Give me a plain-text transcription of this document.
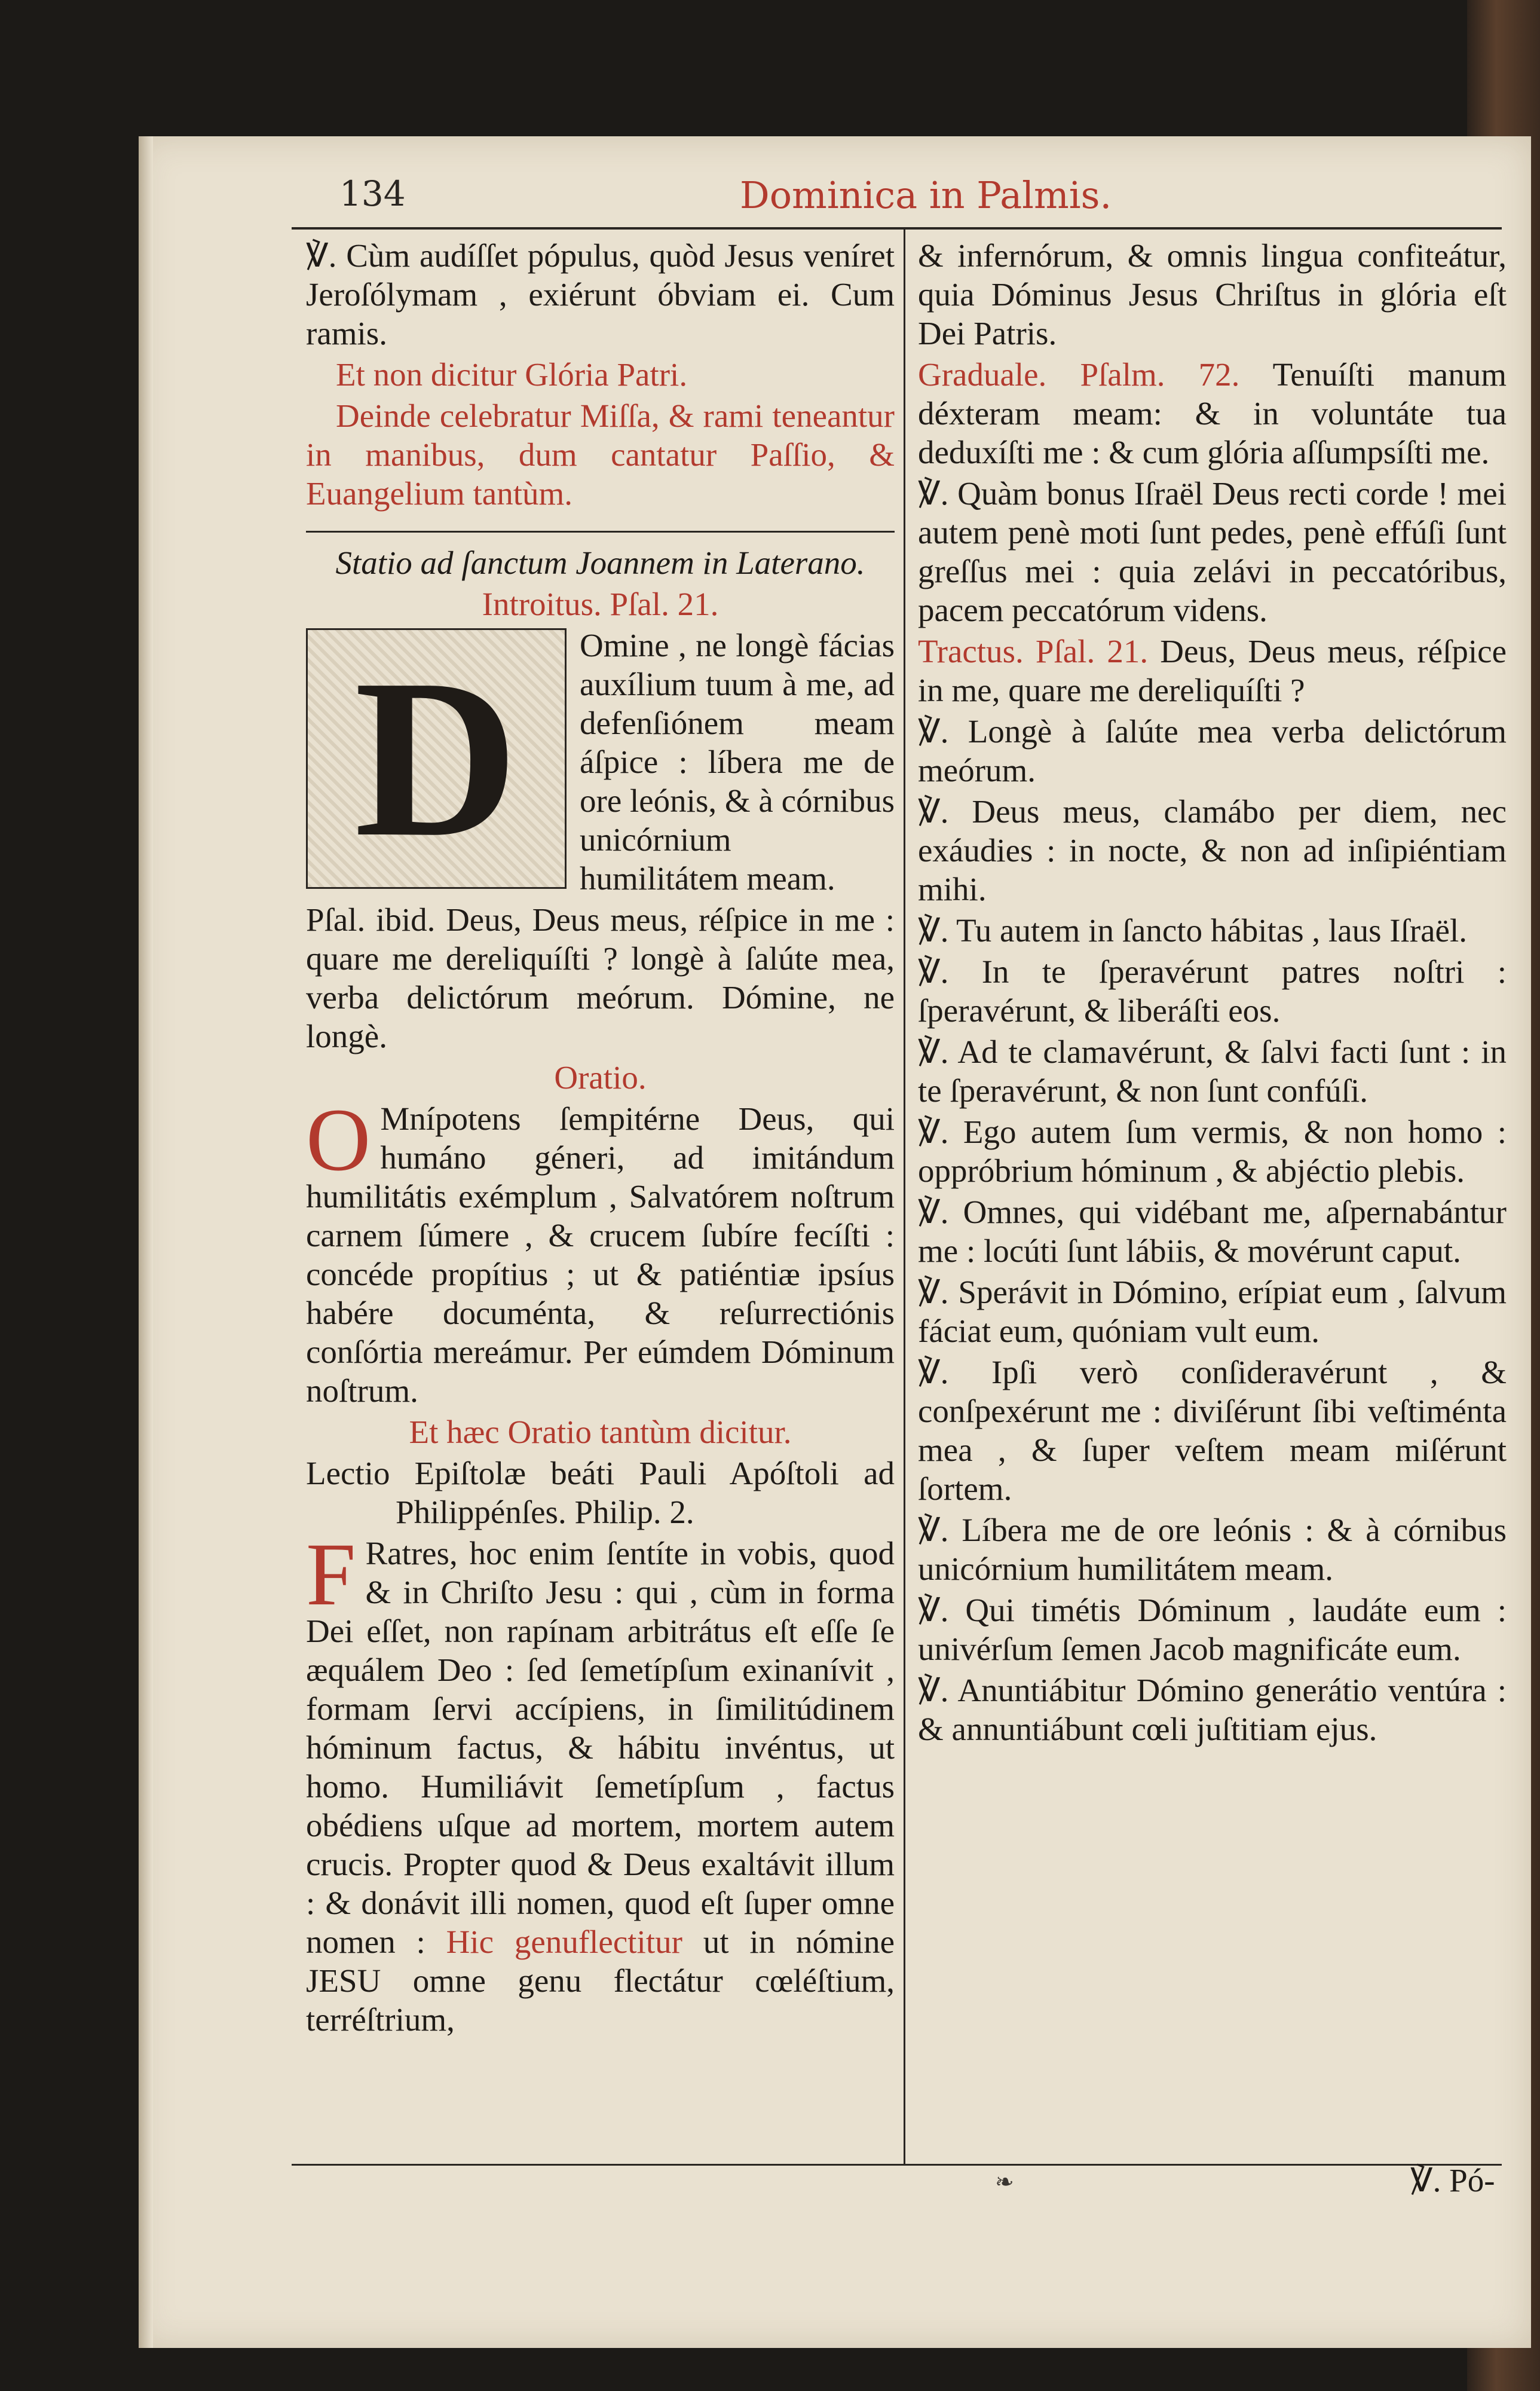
134	Dominica in Palmis.

℣. Cùm audíſſet pópulus, quòd Jesus veníret Jeroſólymam , exiérunt óbviam ei. Cum ramis.

Et non dicitur Glória Patri.

Deinde celebratur Miſſa, & rami teneantur in manibus, dum cantatur Paſſio, & Euangelium tantùm.

Statio ad ſanctum Joannem in Laterano.

Introitus. Pſal. 21.

D	Omine , ne longè fácias auxílium tuum à me, ad defenſiónem meam áſpice : líbera me de ore leónis, & à córnibus unicórnium humilitátem meam.

Pſal. ibid. Deus, Deus meus, réſpice in me : quare me dereliquíſti ? longè à ſalúte mea, verba delictórum meórum. Dómine, ne longè.

Oratio.

O Mnípotens ſempitérne Deus, qui humáno géneri, ad imitándum humilitátis exémplum , Salvatórem noſtrum carnem ſúmere , & crucem ſubíre fecíſti : concéde propítius ; ut & patiéntiæ ipsíus habére documénta, & reſurrectiónis conſórtia mereámur. Per eúmdem Dóminum noſtrum.

Et hæc Oratio tantùm dicitur.

Lectio Epiſtolæ beáti Pauli Apóſtoli ad Philippénſes. Philip. 2.

F Ratres, hoc enim ſentíte in vobis, quod & in Chriſto Jesu : qui , cùm in forma Dei eſſet, non rapínam arbitrátus eſt eſſe ſe æquálem Deo : ſed ſemetípſum exinanívit , formam ſervi accípiens, in ſimilitúdinem hóminum factus, & hábitu invéntus, ut homo. Humiliávit ſemetípſum , factus obédiens uſque ad mortem, mortem autem crucis. Propter quod & Deus exaltávit illum : & donávit illi nomen, quod eſt ſuper omne nomen : Hic genuflectitur ut in nómine JESU omne genu flectátur cœléſtium, terréſtrium,

& infernórum, & omnis lingua confiteátur, quia Dóminus Jesus Chriſtus in glória eſt Dei Patris.

Graduale. Pſalm. 72. Tenuíſti manum déxteram meam: & in voluntáte tua deduxíſti me : & cum glória aſſumpsíſti me.

℣. Quàm bonus Iſraël Deus recti corde ! mei autem penè moti ſunt pedes, penè effúſi ſunt greſſus mei : quia zelávi in peccatóribus, pacem peccatórum videns.

Tractus. Pſal. 21. Deus, Deus meus, réſpice in me, quare me dereliquíſti ?

℣. Longè à ſalúte mea verba delictórum meórum.

℣. Deus meus, clamábo per diem, nec exáudies : in nocte, & non ad inſipiéntiam mihi.

℣. Tu autem in ſancto hábitas , laus Iſraël.

℣. In te ſperavérunt patres noſtri : ſperavérunt, & liberáſti eos.

℣. Ad te clamavérunt, & ſalvi facti ſunt : in te ſperavérunt, & non ſunt confúſi.

℣. Ego autem ſum vermis, & non homo : oppróbrium hóminum , & abjéctio plebis.

℣. Omnes, qui vidébant me, aſpernabántur me : locúti ſunt lábiis, & movérunt caput.

℣. Sperávit in Dómino, erípiat eum , ſalvum fáciat eum, quóniam vult eum.

℣. Ipſi verò conſideravérunt , & conſpexérunt me : diviſérunt ſibi veſtiménta mea , & ſuper veſtem meam miſérunt ſortem.

℣. Líbera me de ore leónis : & à córnibus unicórnium humilitátem meam.

℣. Qui timétis Dóminum , laudáte eum : univérſum ſemen Jacob magnificáte eum.

℣. Anuntiábitur Dómino generátio ventúra : & annuntiábunt cœli juſtitiam ejus.

❧	℣. Pó-
